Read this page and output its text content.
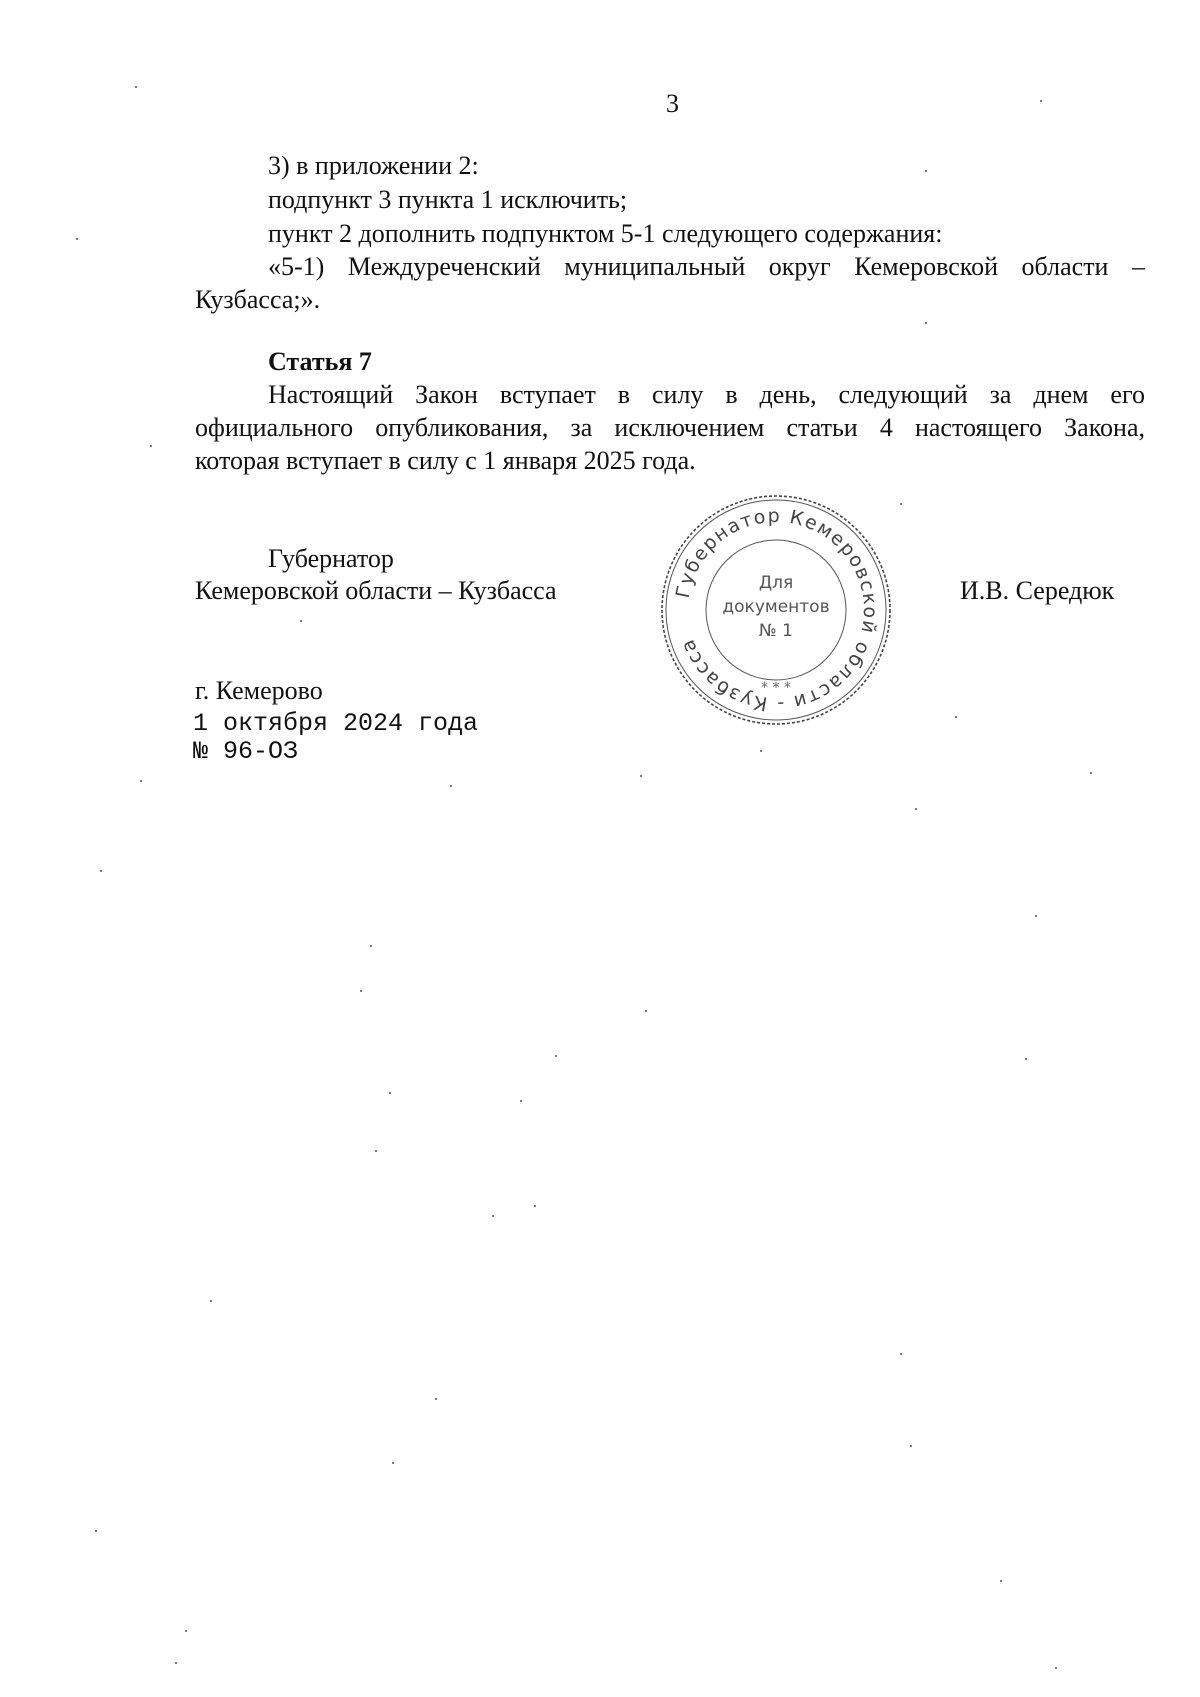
3
3) в приложении 2:
подпункт 3 пункта 1 исключить;
пункт 2 дополнить подпунктом 5-1 следующего содержания:
«5-1) Междуреченский муниципальный округ Кемеровской области –
Кузбасса;».
Статья 7
Настоящий Закон вступает в силу в день, следующий за днем его
официального опубликования, за исключением статьи 4 настоящего Закона,
которая вступает в силу с 1 января 2025 года.
Губернатор
Кемеровской области – Кузбасса	И.В. Середюк
Губернатор Кемеровской области - Кузбасса
Для
документов
№ 1
* * *
г. Кемерово
1 октября 2024 года
№ 96-ОЗ
